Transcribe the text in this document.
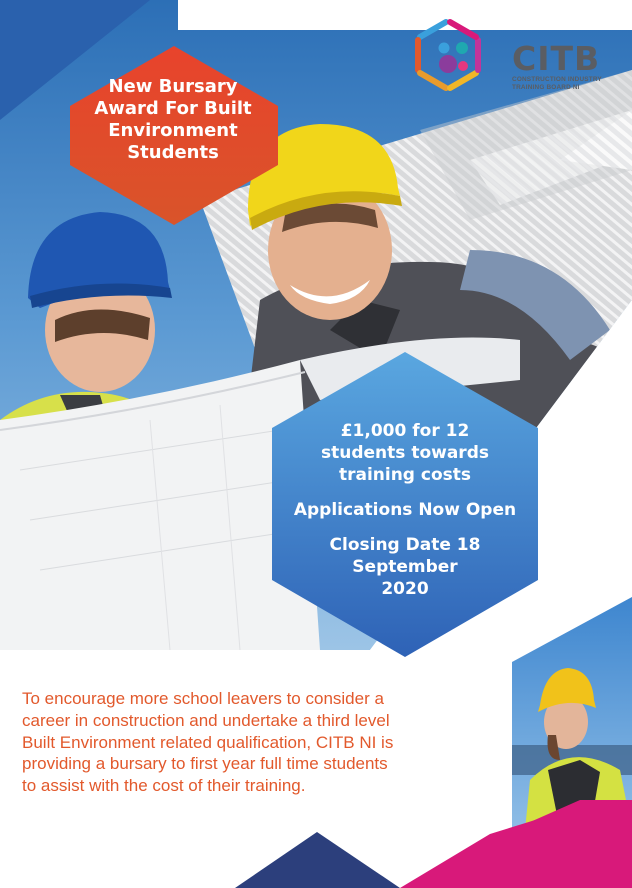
CITB
CONSTRUCTION INDUSTRY
TRAINING BOARD NI
New Bursary
Award For Built
Environment
Students

£1,000 for 12

students towards

training costs

Applications Now Open

Closing Date 18

September

2020

To encourage more school leavers to consider a
career in construction and undertake a third level
Built Environment related qualification, CITB NI is
providing a bursary to first year full time students
to assist with the cost of their training.
